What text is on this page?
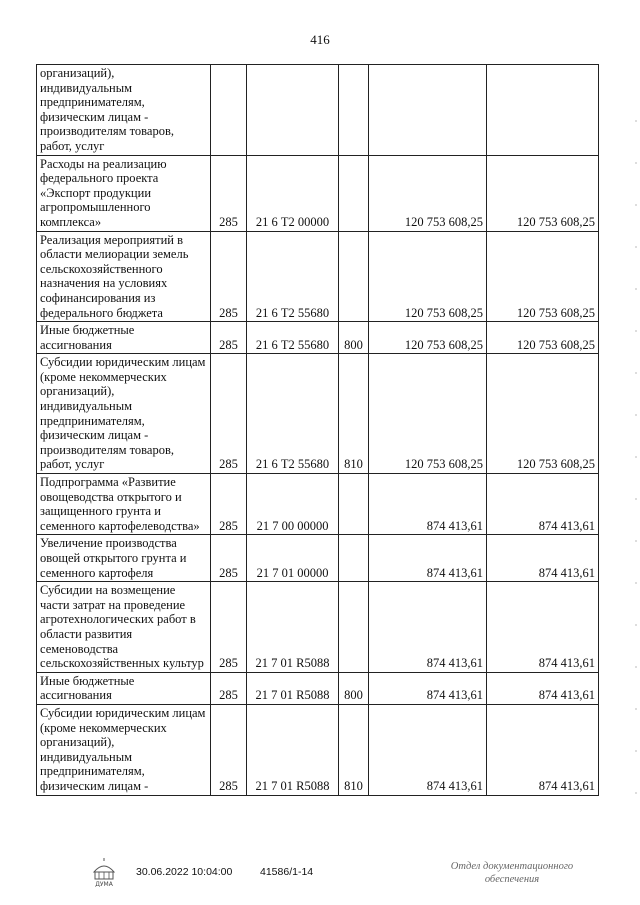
416
организаций), индивидуальным предпринимателям, физическим лицам - производителям товаров, работ, услуг					
Расходы на реализацию федерального проекта «Экспорт продукции агропромышленного комплекса»	285	21 6 Т2 00000		120 753 608,25	120 753 608,25
Реализация мероприятий в области мелиорации земель сельскохозяйственного назначения на условиях софинансирования из федерального бюджета	285	21 6 Т2 55680		120 753 608,25	120 753 608,25
Иные бюджетные ассигнования	285	21 6 Т2 55680	800	120 753 608,25	120 753 608,25
Субсидии юридическим лицам (кроме некоммерческих организаций), индивидуальным предпринимателям, физическим лицам - производителям товаров, работ, услуг	285	21 6 Т2 55680	810	120 753 608,25	120 753 608,25
Подпрограмма «Развитие овощеводства открытого и защищенного грунта и семенного картофелеводства»	285	21 7 00 00000		874 413,61	874 413,61
Увеличение производства овощей открытого грунта и семенного картофеля	285	21 7 01 00000		874 413,61	874 413,61
Субсидии на возмещение части затрат на проведение агротехнологических работ в области развития семеноводства сельскохозяйственных культур	285	21 7 01 R5088		874 413,61	874 413,61
Иные бюджетные ассигнования	285	21 7 01 R5088	800	874 413,61	874 413,61
Субсидии юридическим лицам (кроме некоммерческих организаций), индивидуальным предпринимателям, физическим лицам -	285	21 7 01 R5088	810	874 413,61	874 413,61
ДУМА
30.06.2022 10:04:00	41586/1-14	Отдел документационного обеспечения
